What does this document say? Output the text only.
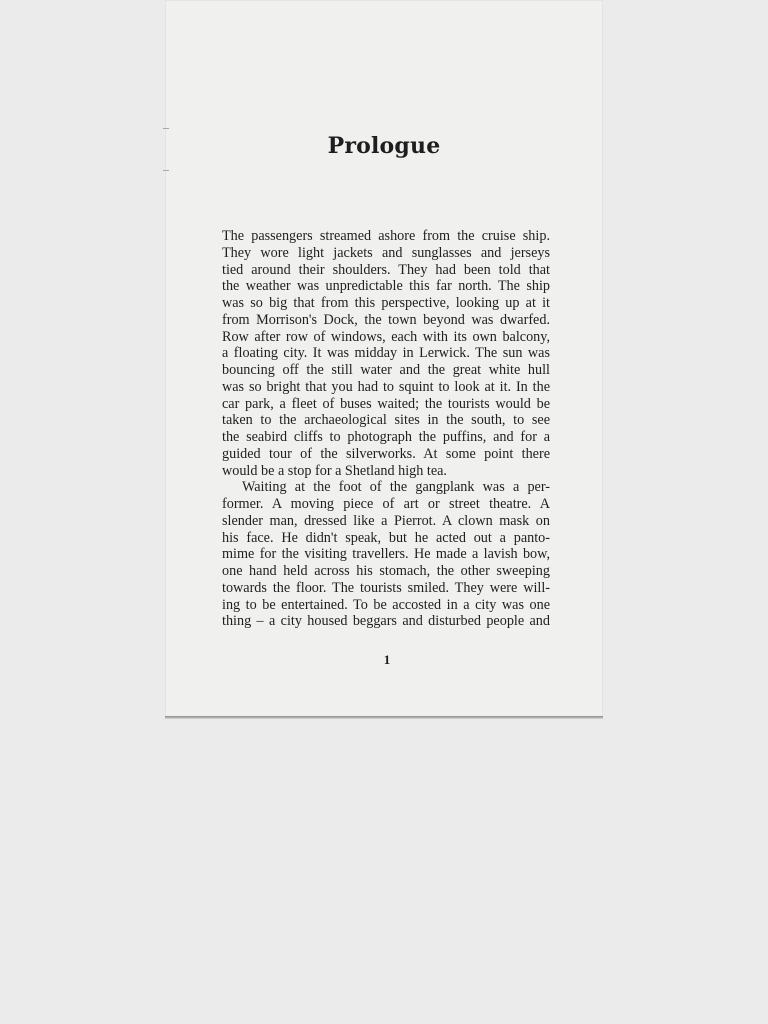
Prologue
The passengers streamed ashore from the cruise ship.
They wore light jackets and sunglasses and jerseys
tied around their shoulders. They had been told that
the weather was unpredictable this far north. The ship
was so big that from this perspective, looking up at it
from Morrison's Dock, the town beyond was dwarfed.
Row after row of windows, each with its own balcony,
a floating city. It was midday in Lerwick. The sun was
bouncing off the still water and the great white hull
was so bright that you had to squint to look at it. In the
car park, a fleet of buses waited; the tourists would be
taken to the archaeological sites in the south, to see
the seabird cliffs to photograph the puffins, and for a
guided tour of the silverworks. At some point there
would be a stop for a Shetland high tea.
Waiting at the foot of the gangplank was a per-
former. A moving piece of art or street theatre. A
slender man, dressed like a Pierrot. A clown mask on
his face. He didn't speak, but he acted out a panto-
mime for the visiting travellers. He made a lavish bow,
one hand held across his stomach, the other sweeping
towards the floor. The tourists smiled. They were will-
ing to be entertained. To be accosted in a city was one
thing – a city housed beggars and disturbed people and
1
